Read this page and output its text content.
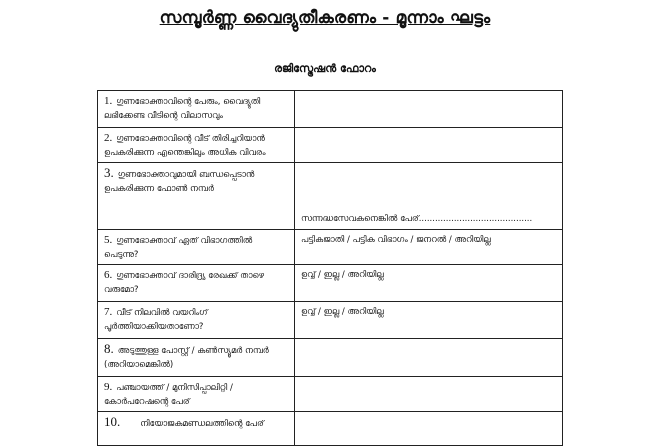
സമ്പൂർണ്ണ വൈദ്യുതീകരണം - മൂന്നാം ഘട്ടം
രജിസ്ട്രേഷൻ ഫോറം
1. ഗുണഭോക്താവിന്റെ പേരും, വൈദ്യുതി ലഭിക്കേണ്ട വീടിന്റെ വിലാസവും	
2. ഗുണഭോക്താവിന്റെ വീട് തിരിച്ചറിയാൻ ഉപകരിക്കുന്ന എന്തെങ്കിലും അധിക വിവരം	
3. ഗുണഭോക്താവുമായി ബന്ധപ്പെടാൻ ഉപകരിക്കുന്ന ഫോൺ നമ്പർ	സന്നദ്ധസേവകനെങ്കിൽ പേര്..........................................

5. ഗുണഭോക്താവ് ഏത് വിഭാഗത്തിൽ പെടുന്നു?	പട്ടികജാതി / പട്ടിക വിഭാഗം / ജനറൽ / അറിയില്ല
6. ഗുണഭോക്താവ് ദാരിദ്ര്യ രേഖക്ക് താഴെ വരുമോ?	ഉവ്വ് / ഇല്ല / അറിയില്ല
7. വീട് നിലവിൽ വയറിംഗ് പൂർത്തിയാക്കിയതാണോ?	ഉവ്വ് / ഇല്ല / അറിയില്ല
8. അടുത്തുള്ള പോസ്റ്റ് / കൺസ്യൂമർ നമ്പർ (അറിയാമെങ്കിൽ)	
9. പഞ്ചായത്ത് / മുനിസിപ്പാലിറ്റി / കോർപറേഷന്റെ പേര്	
10. നിയോജകമണ്ഡലത്തിന്റെ പേര്	
